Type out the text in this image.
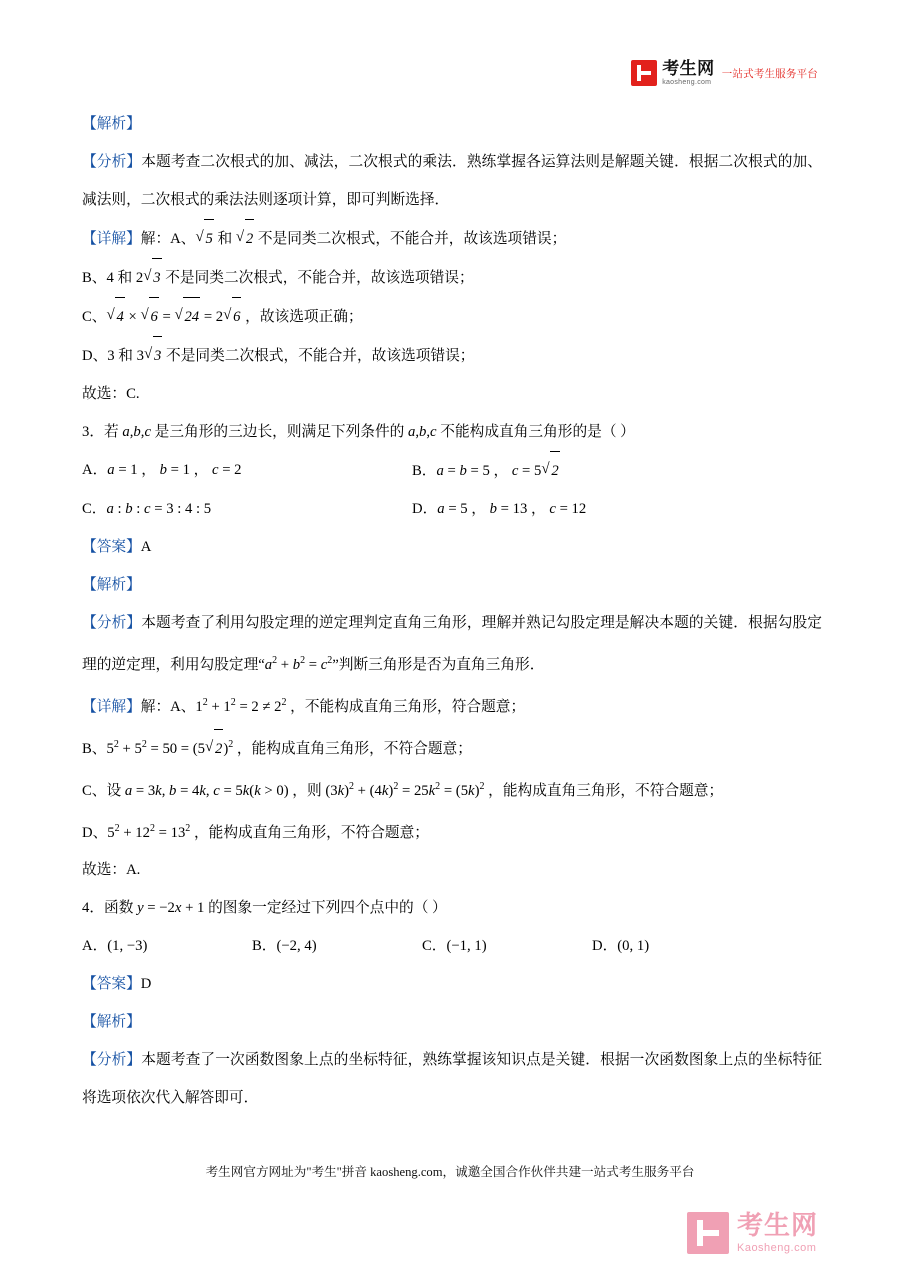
考生网
kaosheng.com
一站式考生服务平台
【解析】
【分析】本题考查二次根式的加、减法，二次根式的乘法．熟练掌握各运算法则是解题关键．根据二次根式的加、减法则，二次根式的乘法法则逐项计算，即可判断选择．
【详解】解：A、 √ 5 和 √ 2 不是同类二次根式，不能合并，故该选项错误；
B、4 和 2 √ 3 不是同类二次根式，不能合并，故该选项错误；
C、 √ 4 × √ 6 = √ 24 = 2 √ 6 ，故该选项正确；
D、3 和 3 √ 3 不是同类二次根式，不能合并，故该选项错误；
故选：C.
3．若 a,b,c 是三角形的三边长，则满足下列条件的 a,b,c 不能构成直角三角形的是（ ）
A．a = 1 ， b = 1 ， c = 2	B．a = b = 5 ， c = 5 √ 2
C．a : b : c = 3 : 4 : 5	D．a = 5 ， b = 13 ， c = 12
【答案】A
【解析】
【分析】本题考查了利用勾股定理的逆定理判定直角三角形，理解并熟记勾股定理是解决本题的关键．根据勾股定理的逆定理，利用勾股定理“$a^2 + b^2 = c^2$”判断三角形是否为直角三角形．
【详解】解：A、$1^2 + 1^2 = 2 \ne 2^2$ ，不能构成直角三角形，符合题意；
B、$5^2 + 5^2 = 50 = (5$ √ 2)$^2$ ，能构成直角三角形，不符合题意；
C、设 a = 3k, b = 4k, c = 5k(k > 0) ，则 $(3k)^2 + (4k)^2 = 25k^2 = (5k)^2$ ，能构成直角三角形，不符合题意；
D、$5^2 + 12^2 = 13^2$ ，能构成直角三角形，不符合题意；
故选：A.
4．函数 y = −2x + 1 的图象一定经过下列四个点中的（ ）
A．(1, −3)	B．(−2, 4)	C．(−1, 1)	D．(0, 1)
【答案】D
【解析】
【分析】本题考查了一次函数图象上点的坐标特征，熟练掌握该知识点是关键．根据一次函数图象上点的坐标特征将选项依次代入解答即可．
考生网官方网址为"考生"拼音 kaosheng.com，诚邀全国合作伙伴共建一站式考生服务平台
考生网
Kaosheng.com
